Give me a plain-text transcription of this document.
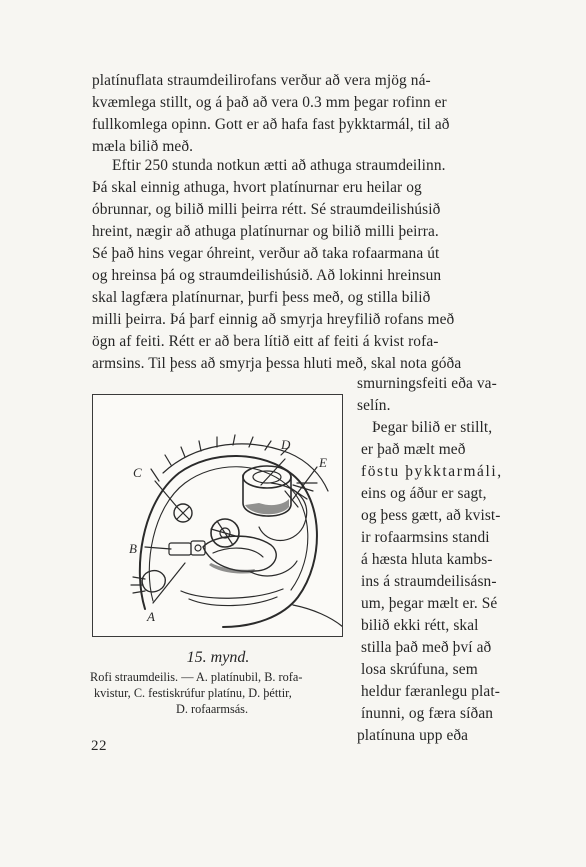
platínuflata straumdeilirofans verður að vera mjög ná-
kvæmlega stillt, og á það að vera 0.3 mm þegar rofinn er
fullkomlega opinn. Gott er að hafa fast þykktarmál, til að
mæla bilið með.
Eftir 250 stunda notkun ætti að athuga straumdeilinn.
Þá skal einnig athuga, hvort platínurnar eru heilar og
óbrunnar, og bilið milli þeirra rétt. Sé straumdeilishúsið
hreint, nægir að athuga platínurnar og bilið milli þeirra.
Sé það hins vegar óhreint, verður að taka rofaarmana út
og hreinsa þá og straumdeilishúsið. Að lokinni hreinsun
skal lagfæra platínurnar, þurfi þess með, og stilla bilið
milli þeirra. Þá þarf einnig að smyrja hreyfilið rofans með
ögn af feiti. Rétt er að bera lítið eitt af feiti á kvist rofa-
armsins. Til þess að smyrja þessa hluti með, skal nota góða
smurningsfeiti eða va-
selín.
Þegar bilið er stillt,
er það mælt með
föstu þykktarmáli,
eins og áður er sagt,
og þess gætt, að kvist-
ir rofaarmsins standi
á hæsta hluta kambs-
ins á straumdeilisásn-
um, þegar mælt er. Sé
bilið ekki rétt, skal
stilla það með því að
losa skrúfuna, sem
heldur færanlegu plat-
ínunni, og færa síðan
platínuna upp eða
C
D
E
B
A
15. mynd.
Rofi straumdeilis. — A. platínubil, B. rofa-
kvistur, C. festiskrúfur platínu, D. þéttir,
D. rofaarmsás.
22
